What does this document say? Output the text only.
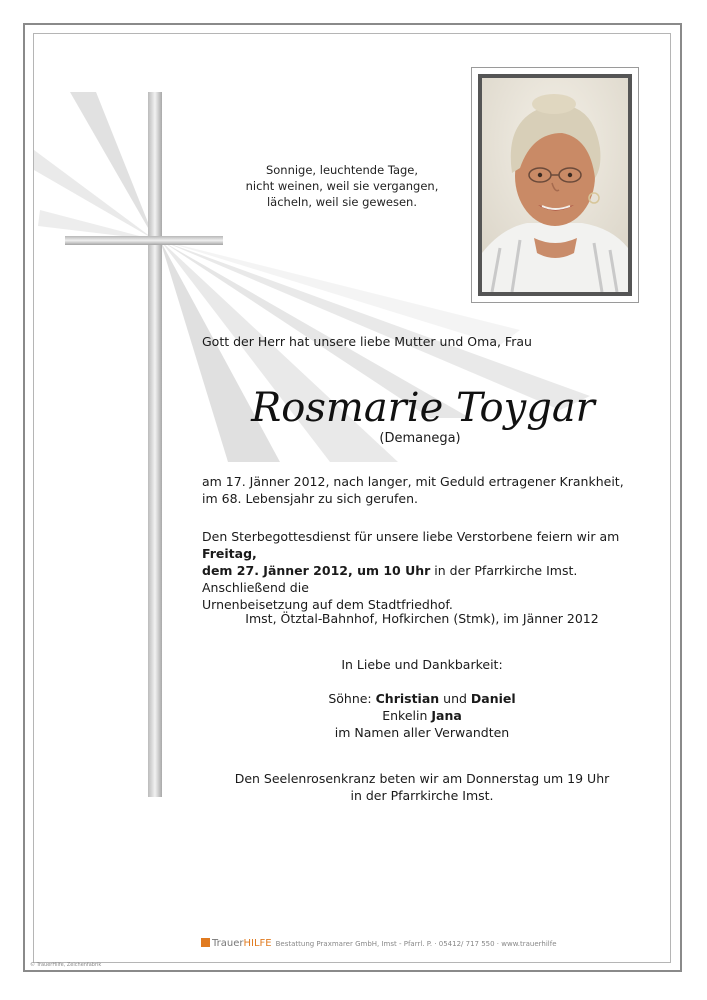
Sonnige, leuchtende Tage,
nicht weinen, weil sie vergangen,
lächeln, weil sie gewesen.
Gott der Herr hat unsere liebe Mutter und Oma, Frau
Rosmarie Toygar
(Demanega)
am 17. Jänner 2012, nach langer, mit Geduld ertragener Krankheit,
im 68. Lebensjahr zu sich gerufen.
Den Sterbegottesdienst für unsere liebe Verstorbene feiern wir am Freitag,
dem 27. Jänner 2012, um 10 Uhr in der Pfarrkirche Imst. Anschließend die
Urnenbeisetzung auf dem Stadtfriedhof.
Imst, Ötztal-Bahnhof, Hofkirchen (Stmk), im Jänner 2012
In Liebe und Dankbarkeit:
Söhne: Christian und Daniel
Enkelin Jana
im Namen aller Verwandten
Den Seelenrosenkranz beten wir am Donnerstag um 19 Uhr
in der Pfarrkirche Imst.
TrauerHILFE Bestattung Praxmarer GmbH, Imst - Pfarrl. P. · 05412/ 717 550 · www.trauerhilfe
© TrauerHilfe, Zeichenfabrik
